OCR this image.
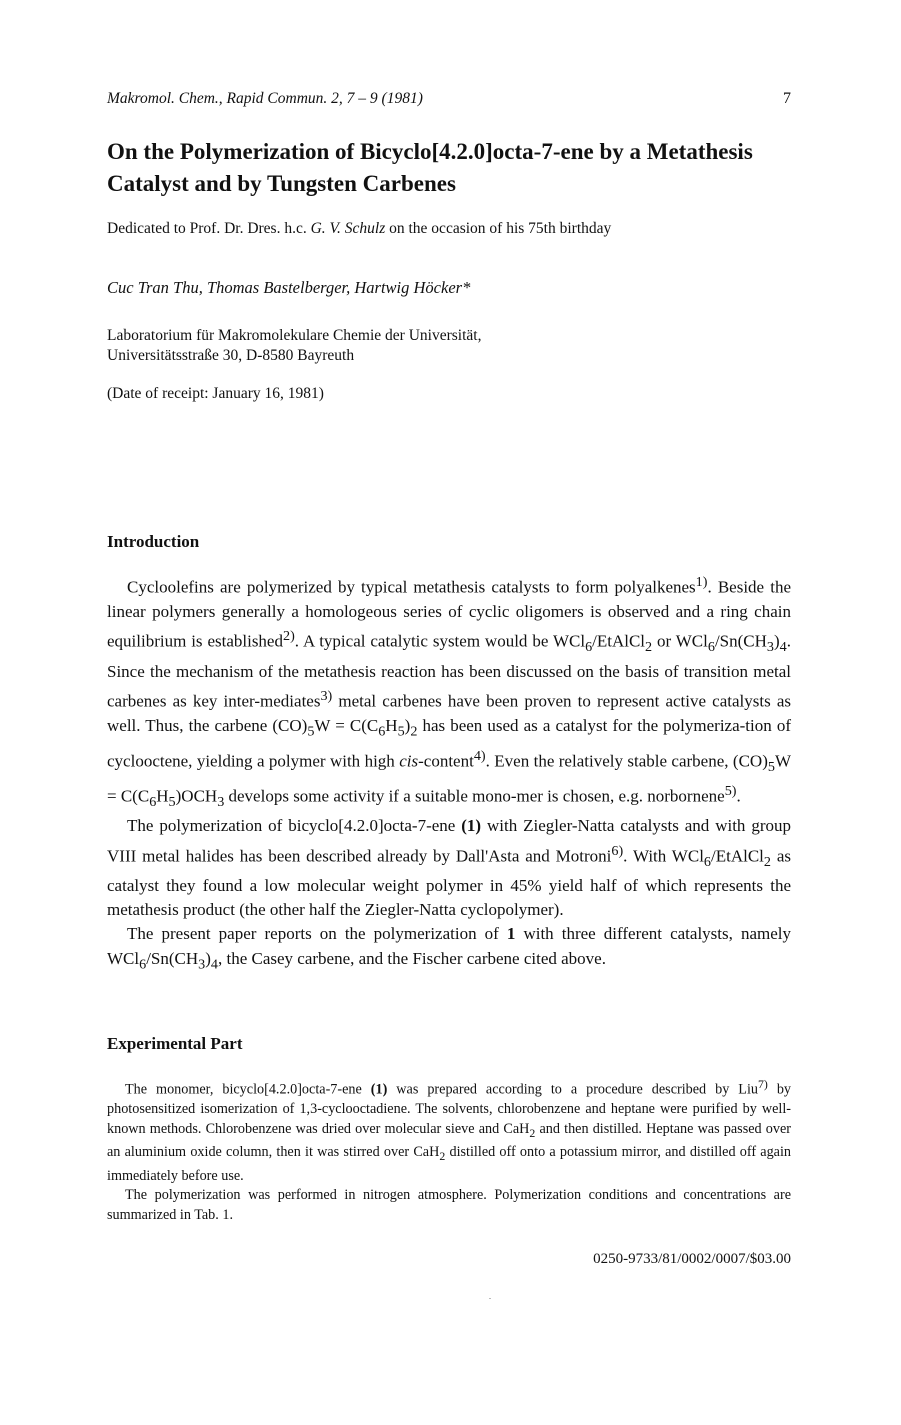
Makromol. Chem., Rapid Commun. 2, 7 – 9 (1981)	7
On the Polymerization of Bicyclo[4.2.0]octa-7-ene by a Metathesis Catalyst and by Tungsten Carbenes
Dedicated to Prof. Dr. Dres. h.c. G. V. Schulz on the occasion of his 75th birthday
Cuc Tran Thu, Thomas Bastelberger, Hartwig Höcker*
Laboratorium für Makromolekulare Chemie der Universität,
Universitätsstraße 30, D-8580 Bayreuth
(Date of receipt: January 16, 1981)
Introduction

Cycloolefins are polymerized by typical metathesis catalysts to form polyalkenes$^{1)}$. Beside the linear polymers generally a homologeous series of cyclic oligomers is observed and a ring chain equilibrium is established$^{2)}$. A typical catalytic system would be WCl$_6$/EtAlCl$_2$ or $WCl_6/Sn(CH_3)_4$. Since the mechanism of the metathesis reaction has been discussed on the basis of transition metal carbenes as key inter-mediates$^{3)}$ metal carbenes have been proven to represent active catalysts as well. Thus, the carbene $(CO)_5W = C(C_6H_5)_2$ has been used as a catalyst for the polymeriza-tion of cyclooctene, yielding a polymer with high cis-content$^{4)}$. Even the relatively stable carbene, $(CO)_5W = C(C_6H_5)OCH_3$ develops some activity if a suitable mono-mer is chosen, e.g. norbornene$^{5)}$.

The polymerization of bicyclo[4.2.0]octa-7-ene (1) with Ziegler-Natta catalysts and with group VIII metal halides has been described already by Dall'Asta and Motroni$^{6)}$. With WCl$_6$/EtAlCl$_2$ as catalyst they found a low molecular weight polymer in 45% yield half of which represents the metathesis product (the other half the Ziegler-Natta cyclopolymer).

The present paper reports on the polymerization of 1 with three different catalysts, namely $WCl_6/Sn(CH_3)_4$, the Casey carbene, and the Fischer carbene cited above.

Experimental Part

The monomer, bicyclo[4.2.0]octa-7-ene (1) was prepared according to a procedure described by Liu$^{7)}$ by photosensitized isomerization of 1,3-cyclooctadiene. The solvents, chlorobenzene and heptane were purified by well-known methods. Chlorobenzene was dried over molecular sieve and CaH$_2$ and then distilled. Heptane was passed over an aluminium oxide column, then it was stirred over CaH$_2$ distilled off onto a potassium mirror, and distilled off again immediately before use.

The polymerization was performed in nitrogen atmosphere. Polymerization conditions and concentrations are summarized in Tab. 1.

0250-9733/81/0002/0007/$03.00
